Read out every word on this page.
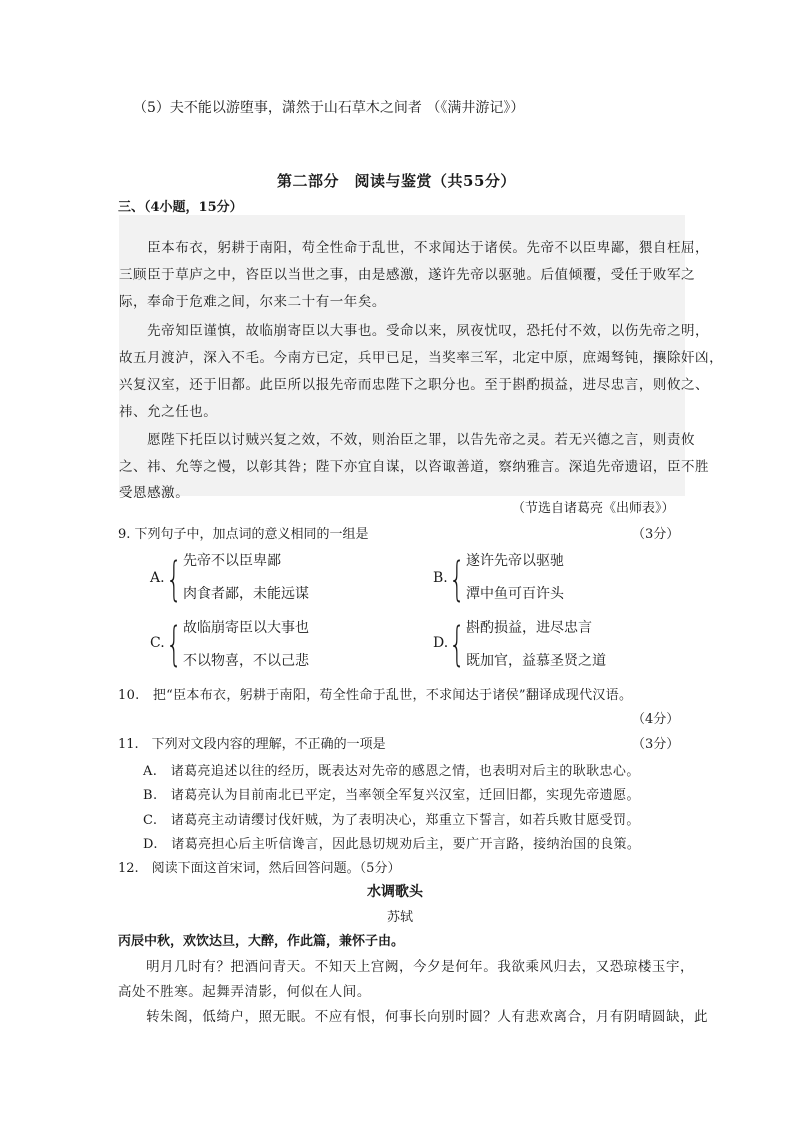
（5）夫不能以游堕事，潇然于山石草木之间者 （《满井游记》）
第二部分　阅读与鉴赏（共55分）
三、（4小题，15分）
　　臣本布衣，躬耕于南阳，苟全性命于乱世，不求闻达于诸侯。先帝不以臣卑鄙，猥自枉屈，
三顾臣于草庐之中，咨臣以当世之事，由是感激，遂许先帝以驱驰。后值倾覆，受任于败军之
际，奉命于危难之间，尔来二十有一年矣。
　　先帝知臣谨慎，故临崩寄臣以大事也。受命以来，夙夜忧叹，恐托付不效，以伤先帝之明，
故五月渡泸，深入不毛。今南方已定，兵甲已足，当奖率三军，北定中原，庶竭驽钝，攘除奸凶，
兴复汉室，还于旧都。此臣所以报先帝而忠陛下之职分也。至于斟酌损益，进尽忠言，则攸之、
祎、允之任也。
　　愿陛下托臣以讨贼兴复之效，不效，则治臣之罪，以告先帝之灵。若无兴德之言，则责攸
之、祎、允等之慢，以彰其咎；陛下亦宜自谋，以咨诹善道，察纳雅言。深追先帝遗诏，臣不胜
受恩感激。
（节选自诸葛亮《出师表》）
9. 下列句子中，加点词的意义相同的一组是	（3分）
A. { 先帝不以臣卑鄙
肉食者鄙，未能远谋
B. { 遂许先帝以驱驰
潭中鱼可百许头
C. { 故临崩寄臣以大事也
不以物喜，不以己悲
D. { 斟酌损益，进尽忠言
既加官，益慕圣贤之道
10.　把“臣本布衣，躬耕于南阳，苟全性命于乱世，不求闻达于诸侯”翻译成现代汉语。
（4分）
11.　下列对文段内容的理解，不正确的一项是	（3分）
A.　诸葛亮追述以往的经历，既表达对先帝的感恩之情，也表明对后主的耿耿忠心。
B.　诸葛亮认为目前南北已平定，当率领全军复兴汉室，迁回旧都，实现先帝遗愿。
C.　诸葛亮主动请缨讨伐奸贼，为了表明决心，郑重立下誓言，如若兵败甘愿受罚。
D.　诸葛亮担心后主听信谗言，因此恳切规劝后主，要广开言路，接纳治国的良策。
12.　阅读下面这首宋词，然后回答问题。（5分）
水调歌头
苏轼
丙辰中秋，欢饮达旦，大醉，作此篇，兼怀子由。
　　明月几时有？把酒问青天。不知天上宫阙，今夕是何年。我欲乘风归去，又恐琼楼玉宇，
高处不胜寒。起舞弄清影，何似在人间。
　　转朱阁，低绮户，照无眠。不应有恨，何事长向别时圆？人有悲欢离合，月有阴晴圆缺，此
